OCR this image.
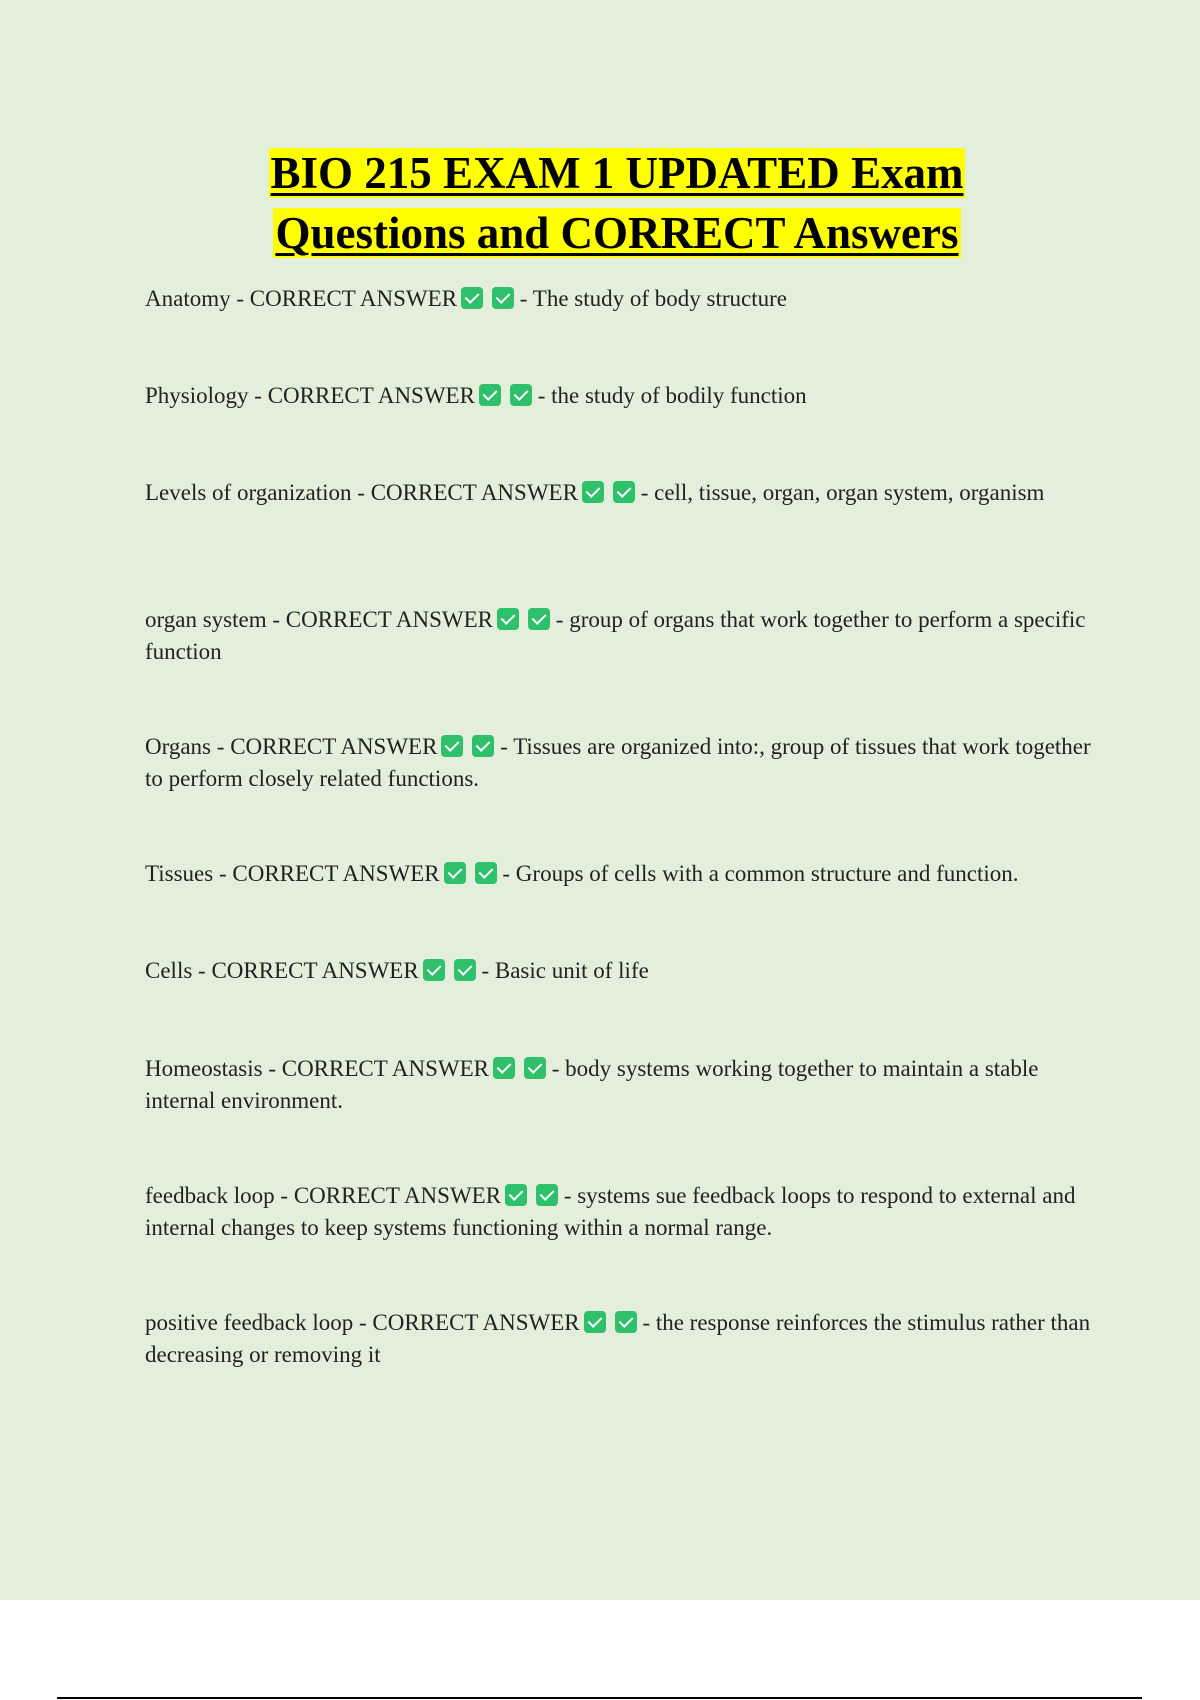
BIO 215 EXAM 1 UPDATED Exam
Questions and CORRECT Answers
Anatomy - CORRECT ANSWER - The study of body structure
Physiology - CORRECT ANSWER - the study of bodily function
Levels of organization - CORRECT ANSWER - cell, tissue, organ, organ system, organism
organ system - CORRECT ANSWER - group of organs that work together to perform a specific function
Organs - CORRECT ANSWER - Tissues are organized into:, group of tissues that work together to perform closely related functions.
Tissues - CORRECT ANSWER - Groups of cells with a common structure and function.
Cells - CORRECT ANSWER - Basic unit of life
Homeostasis - CORRECT ANSWER - body systems working together to maintain a stable internal environment.
feedback loop - CORRECT ANSWER - systems sue feedback loops to respond to external and internal changes to keep systems functioning within a normal range.
positive feedback loop - CORRECT ANSWER - the response reinforces the stimulus rather than decreasing or removing it
